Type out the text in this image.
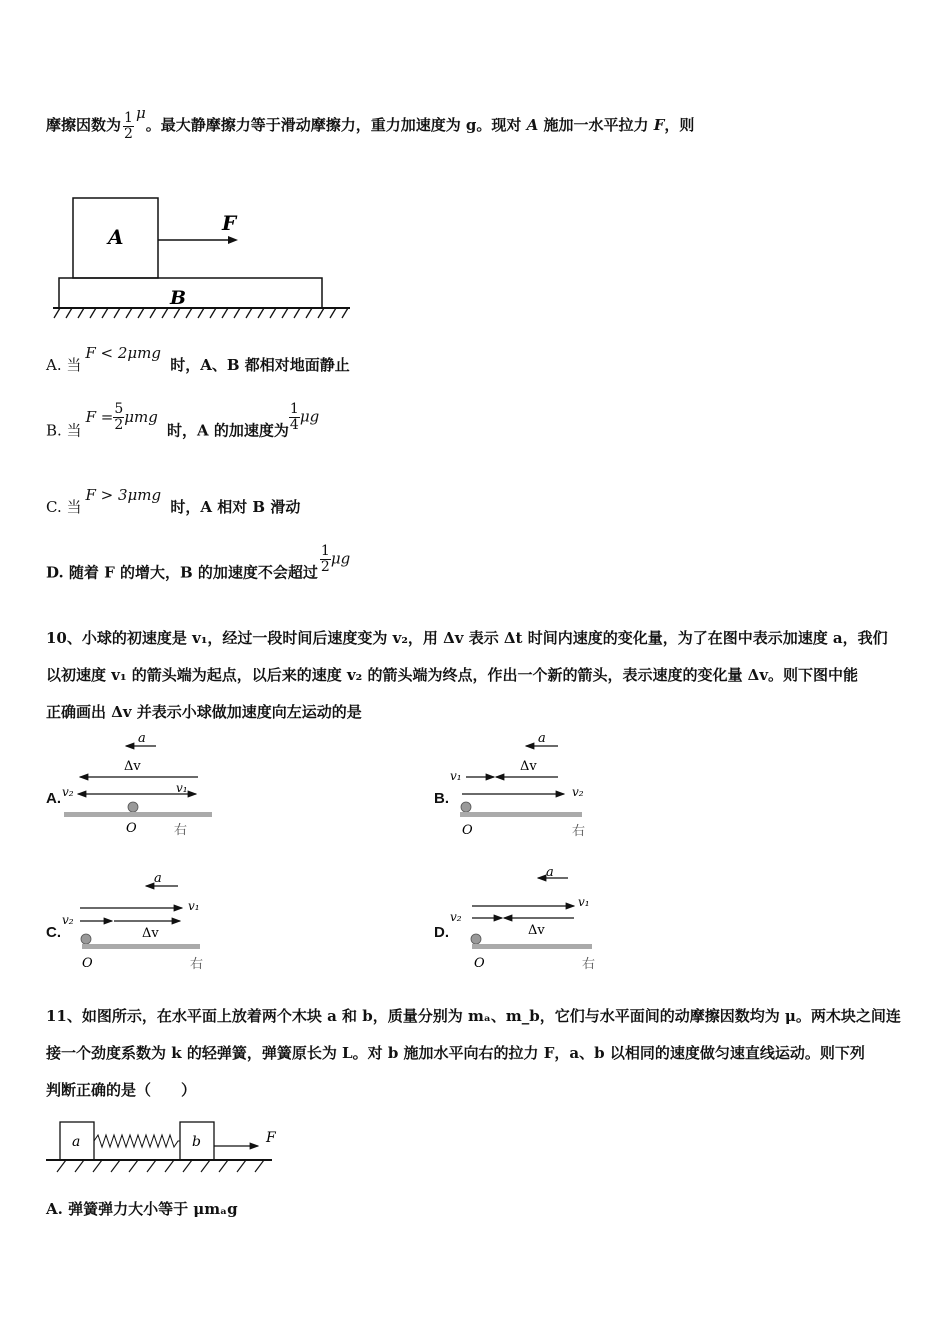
摩擦因数为 $\frac{1}{2}$ μ。最大静摩擦力等于滑动摩擦力，重力加速度为 g。现对 A 施加一水平拉力 F，则
A
F
B
A. 当F < 2μmg 时，A、B 都相对地面静止
B. 当$F = \frac{5}{2}$ μmg 时，A 的加速度为 $\frac{1}{4}$ μg
C. 当F > 3μmg 时，A 相对 B 滑动
D. 随着 F 的增大，B 的加速度不会超过 $\frac{1}{2}$ μg
10、小球的初速度是 v₁，经过一段时间后速度变为 v₂，用 Δv 表示 Δt 时间内速度的变化量，为了在图中表示加速度 a，我们
以初速度 v₁ 的箭头端为起点，以后来的速度 v₂ 的箭头端为终点，作出一个新的箭头，表示速度的变化量 Δv。则下图中能
正确画出 Δv 并表示小球做加速度向左运动的是
A.	B.
C.	D.
a
Δv
v₂	v₁
O	右
a
Δv
v₁
v₂
O	右
a
v₁
v₂
Δv
O	右
a
v₁
v₂
Δv
O	右
11、如图所示，在水平面上放着两个木块 a 和 b，质量分别为 mₐ、m_b，它们与水平面间的动摩擦因数均为 μ。两木块之间连
接一个劲度系数为 k 的轻弹簧，弹簧原长为 L。对 b 施加水平向右的拉力 F，a、b 以相同的速度做匀速直线运动。则下列
判断正确的是（　　）
a	b	F
A. 弹簧弹力大小等于 μmₐg
